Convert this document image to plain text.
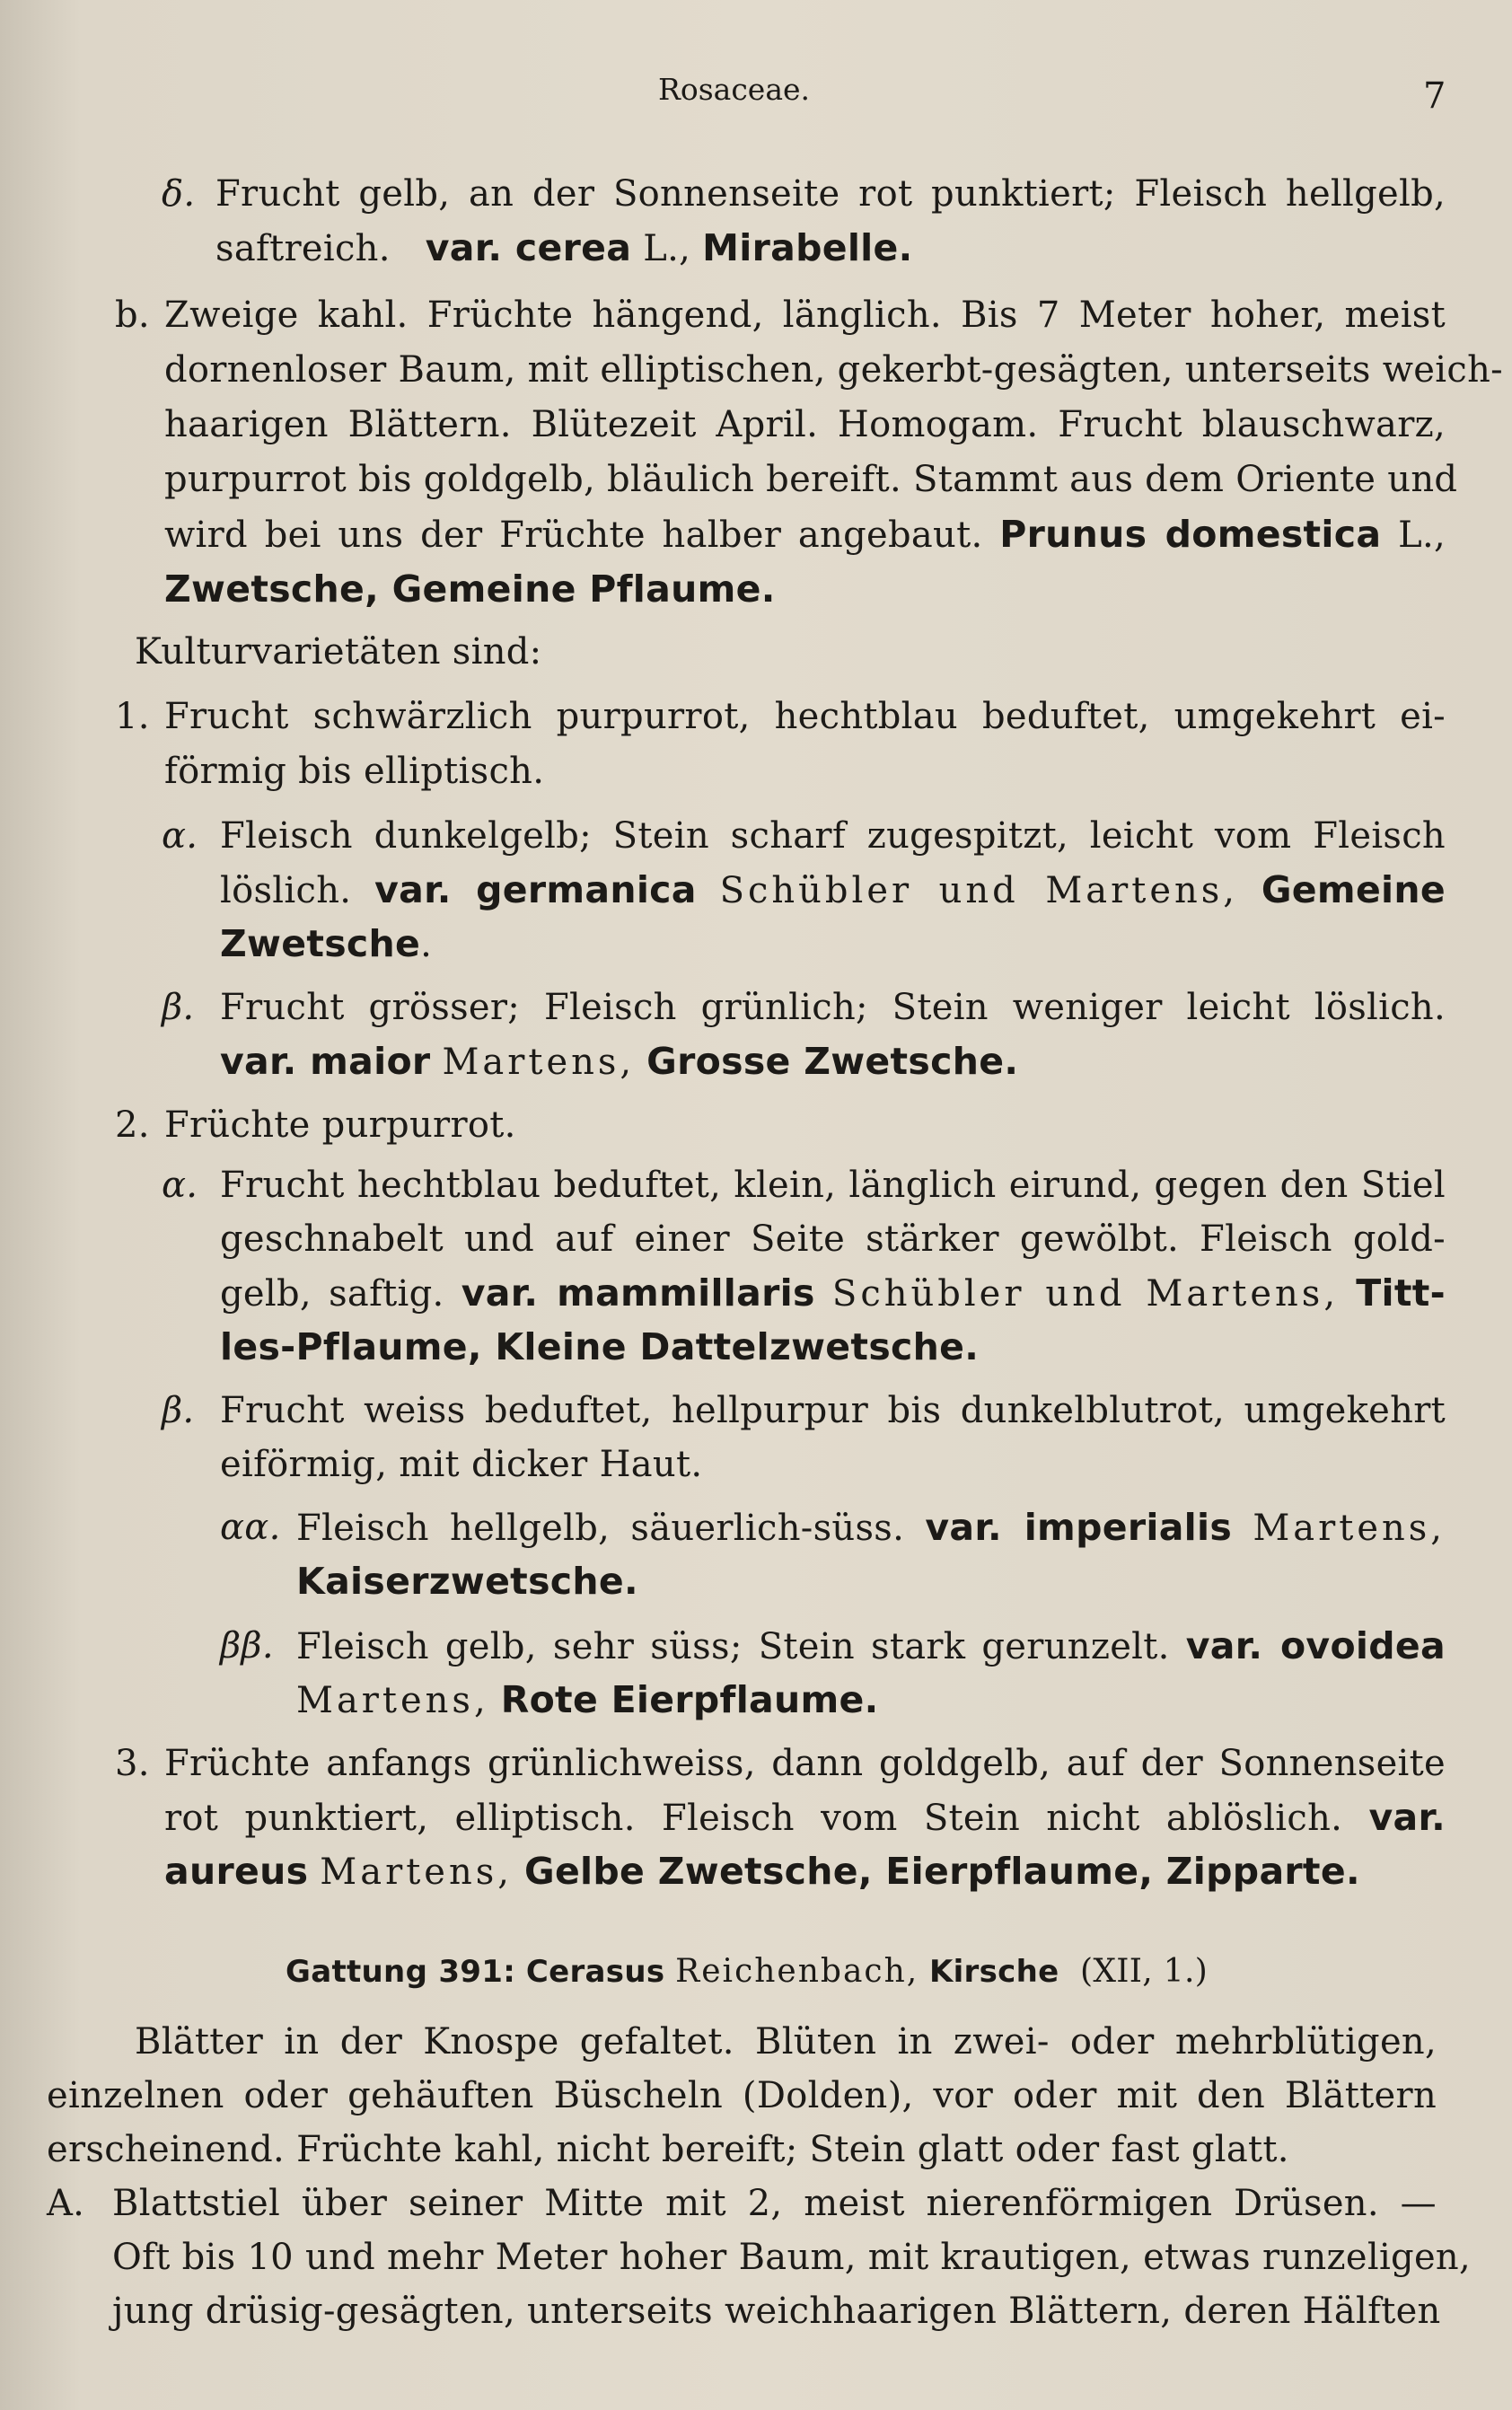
Rosaceae.	7
δ. Frucht gelb, an der Sonnenseite rot punktiert; Fleisch hellgelb,
saftreich. var. cerea L., Mirabelle.
b. Zweige kahl. Früchte hängend, länglich. Bis 7 Meter hoher, meist
dornenloser Baum, mit elliptischen, gekerbt-gesägten, unterseits weich-
haarigen Blättern. Blütezeit April. Homogam. Frucht blauschwarz,
purpurrot bis goldgelb, bläulich bereift. Stammt aus dem Oriente und
wird bei uns der Früchte halber angebaut. Prunus domestica L.,
Zwetsche, Gemeine Pflaume.
Kulturvarietäten sind:
1. Frucht schwärzlich purpurrot, hechtblau beduftet, umgekehrt ei-
förmig bis elliptisch.
α. Fleisch dunkelgelb; Stein scharf zugespitzt, leicht vom Fleisch
löslich. var. germanica Schübler und Martens, Gemeine
Zwetsche.
β. Frucht grösser; Fleisch grünlich; Stein weniger leicht löslich.
var. maior Martens, Grosse Zwetsche.
2. Früchte purpurrot.
α. Frucht hechtblau beduftet, klein, länglich eirund, gegen den Stiel
geschnabelt und auf einer Seite stärker gewölbt. Fleisch gold-
gelb, saftig. var. mammillaris Schübler und Martens, Titt-
les-Pflaume, Kleine Dattelzwetsche.
β. Frucht weiss beduftet, hellpurpur bis dunkelblutrot, umgekehrt
eiförmig, mit dicker Haut.
αα. Fleisch hellgelb, säuerlich-süss. var. imperialis Martens,
Kaiserzwetsche.
ββ. Fleisch gelb, sehr süss; Stein stark gerunzelt. var. ovoidea
Martens, Rote Eierpflaume.
3. Früchte anfangs grünlichweiss, dann goldgelb, auf der Sonnenseite
rot punktiert, elliptisch. Fleisch vom Stein nicht ablöslich. var.
aureus Martens, Gelbe Zwetsche, Eierpflaume, Zipparte.
Gattung 391: Cerasus Reichenbach, Kirsche (XII, 1.)
Blätter in der Knospe gefaltet. Blüten in zwei- oder mehrblütigen,
einzelnen oder gehäuften Büscheln (Dolden), vor oder mit den Blättern
erscheinend. Früchte kahl, nicht bereift; Stein glatt oder fast glatt.
A. Blattstiel über seiner Mitte mit 2, meist nierenförmigen Drüsen. —
Oft bis 10 und mehr Meter hoher Baum, mit krautigen, etwas runzeligen,
jung drüsig-gesägten, unterseits weichhaarigen Blättern, deren Hälften
